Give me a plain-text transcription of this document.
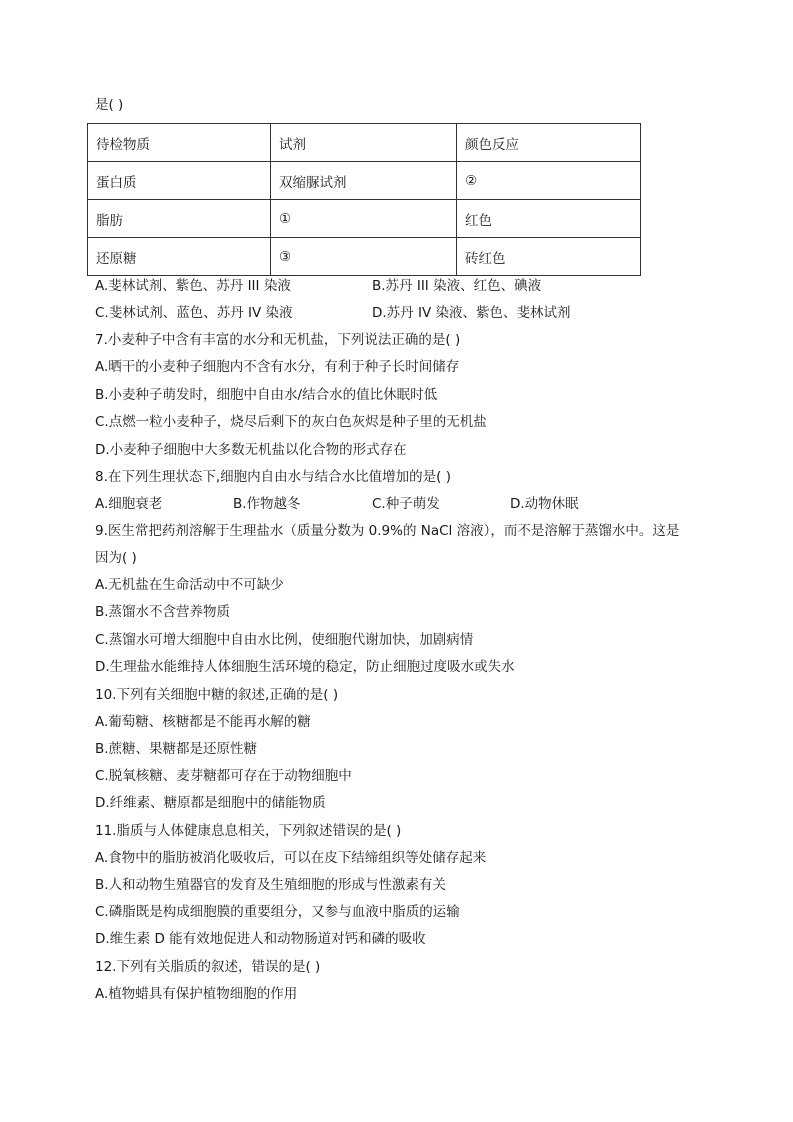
是( )
待检物质	试剂	颜色反应
蛋白质	双缩脲试剂	②
脂肪	①	红色
还原糖	③	砖红色
A.斐林试剂、紫色、苏丹 III 染液	B.苏丹 III 染液、红色、碘液
C.斐林试剂、蓝色、苏丹 IV 染液	D.苏丹 IV 染液、紫色、斐林试剂
7.小麦种子中含有丰富的水分和无机盐，下列说法正确的是( )
A.晒干的小麦种子细胞内不含有水分，有利于种子长时间储存
B.小麦种子萌发时，细胞中自由水/结合水的值比休眠时低
C.点燃一粒小麦种子，烧尽后剩下的灰白色灰烬是种子里的无机盐
D.小麦种子细胞中大多数无机盐以化合物的形式存在
8.在下列生理状态下,细胞内自由水与结合水比值增加的是( )
A.细胞衰老	B.作物越冬	C.种子萌发	D.动物休眠
9.医生常把药剂溶解于生理盐水（质量分数为 0.9%的 NaCl 溶液），而不是溶解于蒸馏水中。这是
因为( )
A.无机盐在生命活动中不可缺少
B.蒸馏水不含营养物质
C.蒸馏水可增大细胞中自由水比例，使细胞代谢加快，加剧病情
D.生理盐水能维持人体细胞生活环境的稳定，防止细胞过度吸水或失水
10.下列有关细胞中糖的叙述,正确的是( )
A.葡萄糖、核糖都是不能再水解的糖
B.蔗糖、果糖都是还原性糖
C.脱氧核糖、麦芽糖都可存在于动物细胞中
D.纤维素、糖原都是细胞中的储能物质
11.脂质与人体健康息息相关，下列叙述错误的是( )
A.食物中的脂肪被消化吸收后，可以在皮下结缔组织等处储存起来
B.人和动物生殖器官的发育及生殖细胞的形成与性激素有关
C.磷脂既是构成细胞膜的重要组分，又参与血液中脂质的运输
D.维生素 D 能有效地促进人和动物肠道对钙和磷的吸收
12.下列有关脂质的叙述，错误的是( )
A.植物蜡具有保护植物细胞的作用
